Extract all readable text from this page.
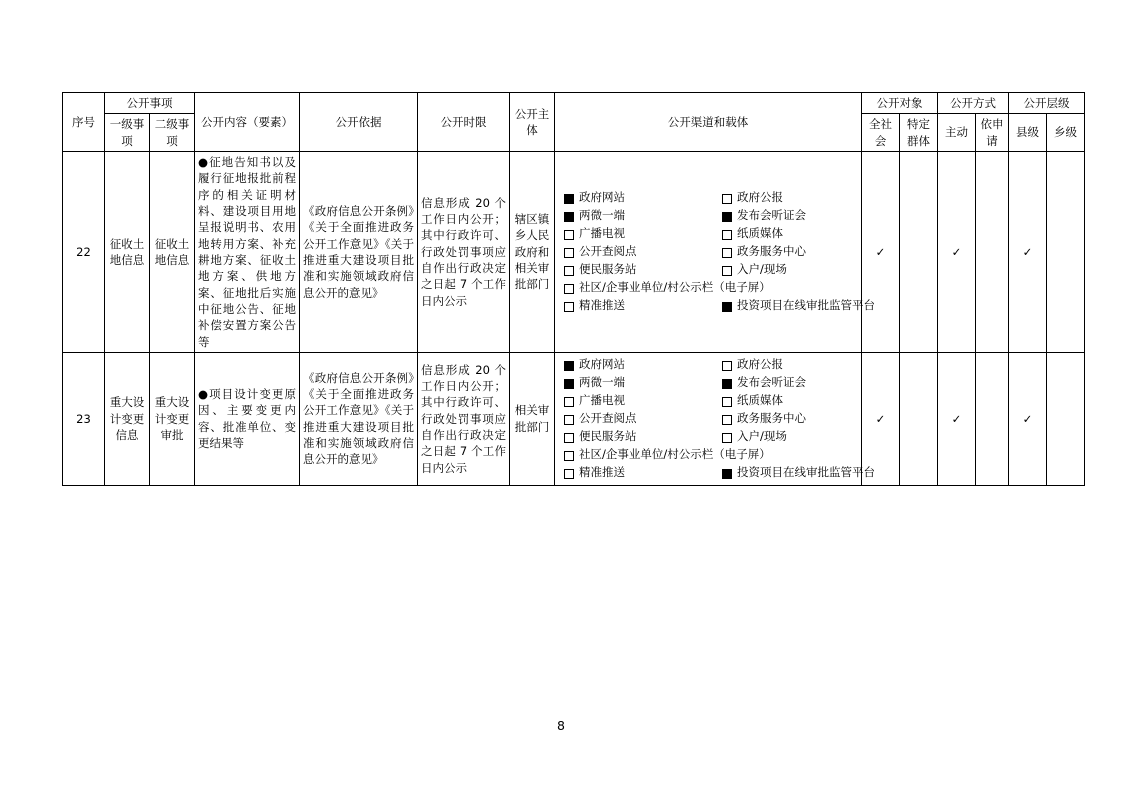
序号	公开事项		公开内容（要素）	公开依据	公开时限	公开主体	公开渠道和载体	公开对象		公开方式		公开层级	
	一级事项	二级事项						全社会	特定群体	主动	依申请	县级	乡级
22	征收土地信息	征收土地信息	●征地告知书以及履行征地报批前程序的相关证明材料、建设项目用地呈报说明书、农用地转用方案、补充耕地方案、征收土地方案、供地方案、征地批后实施中征地公告、征地补偿安置方案公告等	《政府信息公开条例》《关于全面推进政务公开工作意见》《关于推进重大建设项目批准和实施领域政府信息公开的意见》	信息形成 20 个工作日内公开；其中行政许可、行政处罚事项应自作出行政决定之日起 7 个工作日内公示	辖区镇乡人民政府和相关审批部门	
政府网站	政府公报
两微一端	发布会听证会
广播电视	纸质媒体
公开查阅点	政务服务中心
便民服务站	入户/现场
社区/企事业单位/村公示栏（电子屏）
精准推送	投资项目在线审批监管平台
	✓		✓		✓	
23	重大设计变更信息	重大设计变更审批	●项目设计变更原因、主要变更内容、批准单位、变更结果等	《政府信息公开条例》《关于全面推进政务公开工作意见》《关于推进重大建设项目批准和实施领域政府信息公开的意见》	信息形成 20 个工作日内公开；其中行政许可、行政处罚事项应自作出行政决定之日起 7 个工作日内公示	相关审批部门	
政府网站	政府公报
两微一端	发布会听证会
广播电视	纸质媒体
公开查阅点	政务服务中心
便民服务站	入户/现场
社区/企事业单位/村公示栏（电子屏）
精准推送	投资项目在线审批监管平台
	✓		✓		✓	
8
